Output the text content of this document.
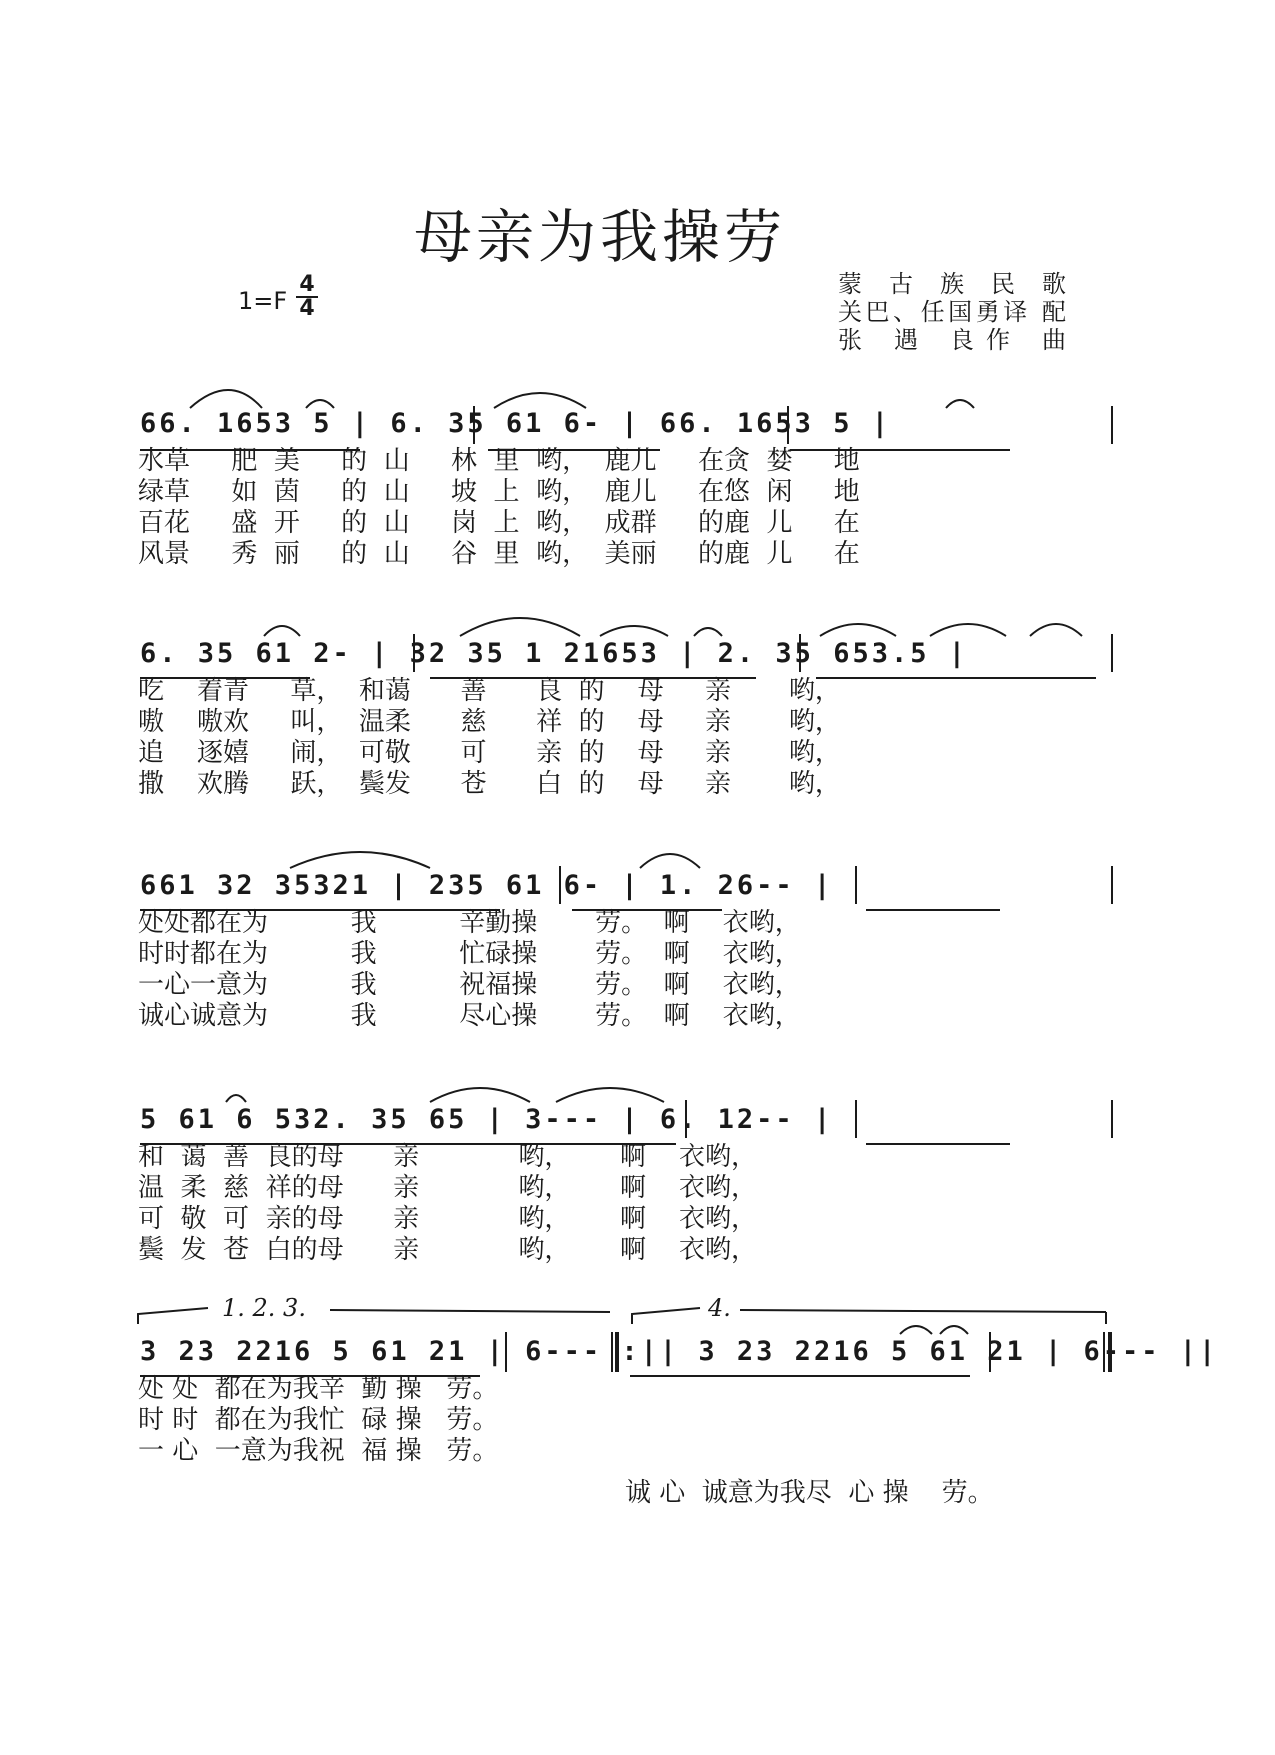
母亲为我操劳
1=F
4
4
蒙 古 族 民 歌
关巴、任国勇译 配
张 遇 良作 曲
66. 1653 5 | 6. 35 61 6- | 66. 1653 5 |
水草     肥  美     的  山     林  里  哟，  鹿儿     在贪  婪     地
绿草     如  茵     的  山     坡  上  哟，  鹿儿     在悠  闲     地
百花     盛  开     的  山     岗  上  哟，  成群     的鹿  儿     在
风景     秀  丽     的  山     谷  里  哟，  美丽     的鹿  儿     在
6. 35 61 2- | 32 35 1 21653 | 2. 35 653.5 |
吃    着青     草，  和蔼      善      良  的    母     亲       哟，
嗷    嗷欢     叫，  温柔      慈      祥  的    母     亲       哟，
追    逐嬉     闹，  可敬      可      亲  的    母     亲       哟，
撒    欢腾     跃，  鬓发      苍      白  的    母     亲       哟，
661 32 35321 | 235 61 6- | 1. 26-- |
处处都在为          我          辛勤操       劳。  啊    衣哟，
时时都在为          我          忙碌操       劳。  啊    衣哟，
一心一意为          我          祝福操       劳。  啊    衣哟，
诚心诚意为          我          尽心操       劳。  啊    衣哟，
5 61 6 532. 35 65 | 3--- | 6. 12-- |
和  蔼  善  良的母      亲            哟，      啊    衣哟，
温  柔  慈  祥的母      亲            哟，      啊    衣哟，
可  敬  可  亲的母      亲            哟，      啊    衣哟，
鬓  发  苍  白的母      亲            哟，      啊    衣哟，
1. 2. 3.	4.
3 23 2216 5 61 21 | 6--- :|| 3 23 2216 5 61 21 | 6--- ||
处 处  都在为我辛  勤 操   劳。
时 时  都在为我忙  碌 操   劳。
一 心  一意为我祝  福 操   劳。
诚 心  诚意为我尽  心 操    劳。
